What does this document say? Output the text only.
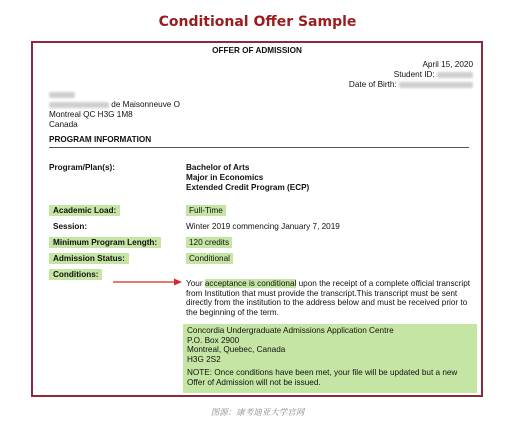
Conditional Offer Sample
OFFER OF ADMISSION
April 15, 2020
Student ID:
Date of Birth:
de Maisonneuve O
Montreal QC H3G 1M8
Canada
PROGRAM INFORMATION
Program/Plan(s):	Bachelor of Arts
Major in Economics
Extended Credit Program (ECP)
Academic Load:	Full-Time
Session:	Winter 2019 commencing January 7, 2019
Minimum Program Length:	120 credits
Admission Status:	Conditional
Conditions:
Your acceptance is conditional upon the receipt of a complete official transcript from Institution that must provide the transcript.This transcript must be sent directly from the institution to the address below and must be received prior to the beginning of the term.
Concordia Undergraduate Admissions Application Centre
P.O. Box 2900
Montreal, Quebec, Canada
H3G 2S2
NOTE: Once conditions have been met, your file will be updated but a new Offer of Admission will not be issued.
图源：康考迪亚大学官网
